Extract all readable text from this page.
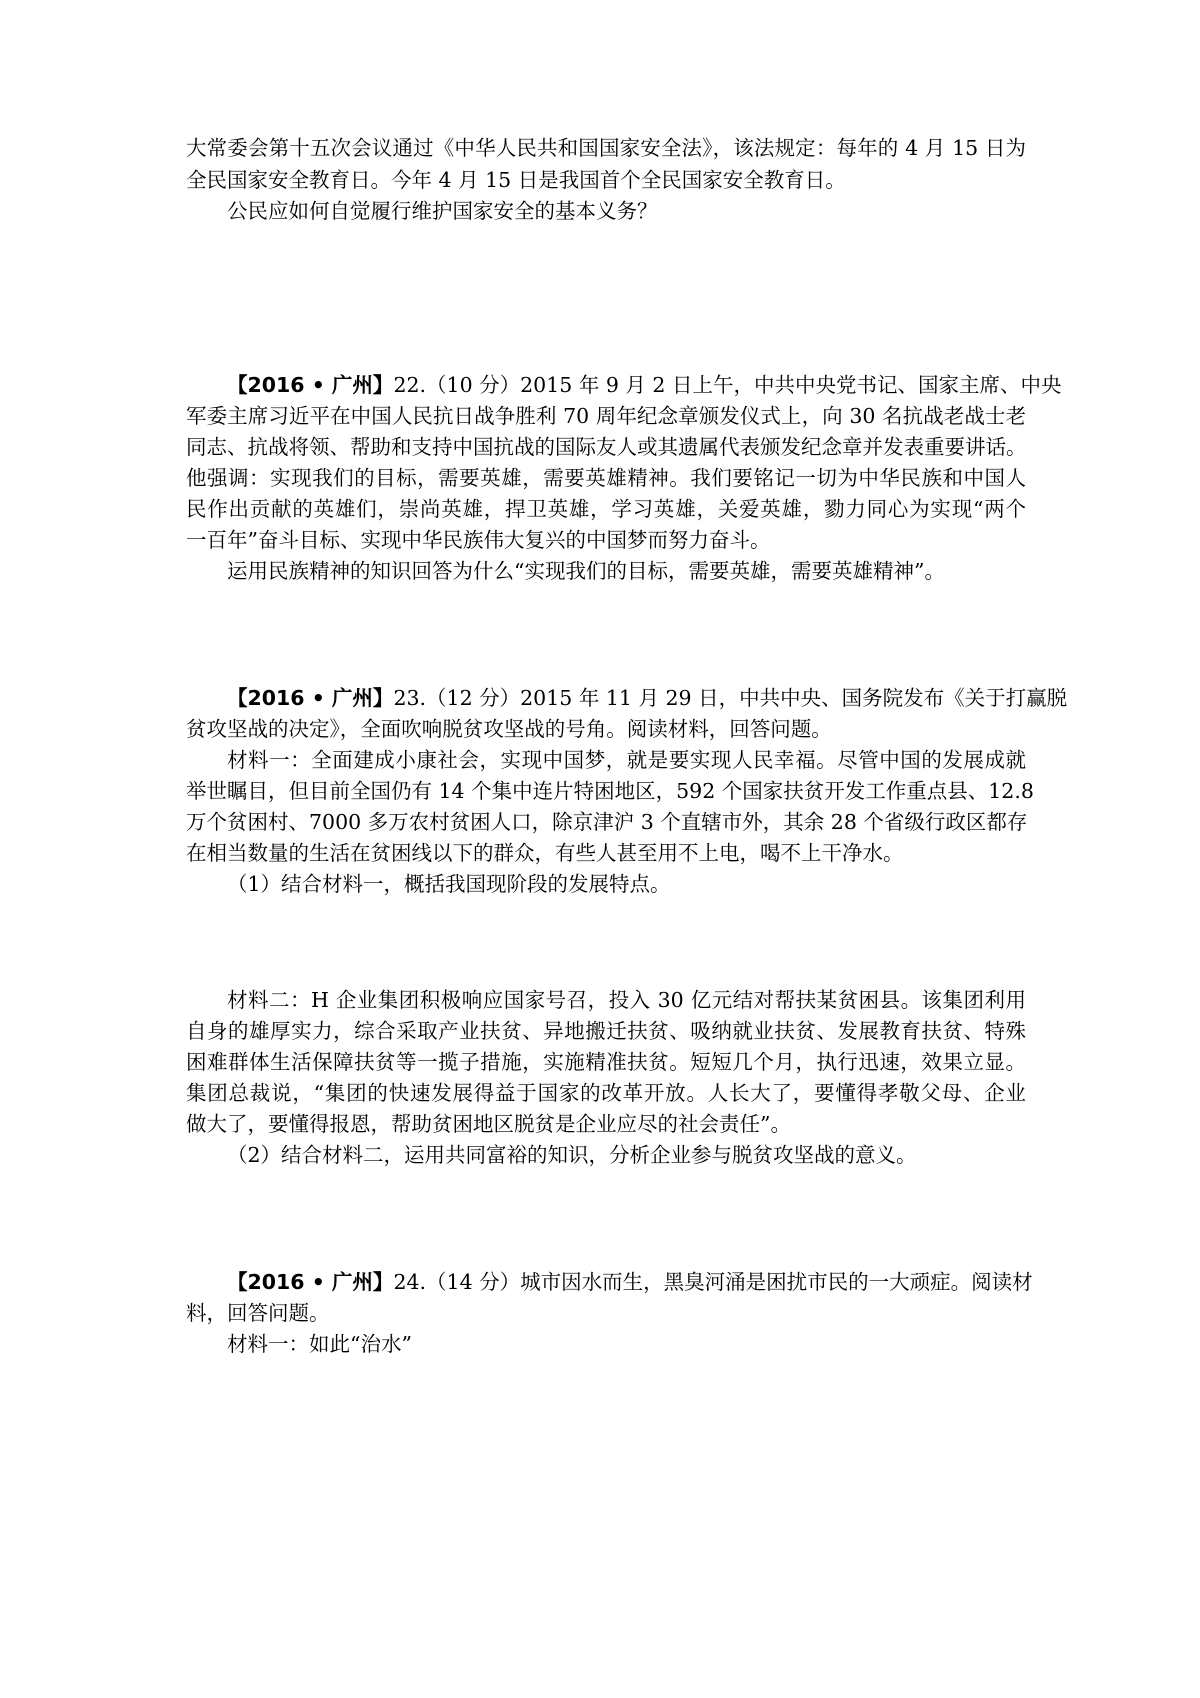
大常委会第十五次会议通过《中华人民共和国国家安全法》，该法规定：每年的 4 月 15 日为
全民国家安全教育日。今年 4 月 15 日是我国首个全民国家安全教育日。
公民应如何自觉履行维护国家安全的基本义务？
【2016 • 广州】22.（10 分）2015 年 9 月 2 日上午，中共中央党书记、国家主席、中央
军委主席习近平在中国人民抗日战争胜利 70 周年纪念章颁发仪式上，向 30 名抗战老战士老
同志、抗战将领、帮助和支持中国抗战的国际友人或其遗属代表颁发纪念章并发表重要讲话。
他强调：实现我们的目标，需要英雄，需要英雄精神。我们要铭记一切为中华民族和中国人
民作出贡献的英雄们，崇尚英雄，捍卫英雄，学习英雄，关爱英雄，勠力同心为实现“两个
一百年”奋斗目标、实现中华民族伟大复兴的中国梦而努力奋斗。
运用民族精神的知识回答为什么“实现我们的目标，需要英雄，需要英雄精神”。
【2016 • 广州】23.（12 分）2015 年 11 月 29 日，中共中央、国务院发布《关于打赢脱
贫攻坚战的决定》，全面吹响脱贫攻坚战的号角。阅读材料，回答问题。
材料一：全面建成小康社会，实现中国梦，就是要实现人民幸福。尽管中国的发展成就
举世瞩目，但目前全国仍有 14 个集中连片特困地区，592 个国家扶贫开发工作重点县、12.8
万个贫困村、7000 多万农村贫困人口，除京津沪 3 个直辖市外，其余 28 个省级行政区都存
在相当数量的生活在贫困线以下的群众，有些人甚至用不上电，喝不上干净水。
（1）结合材料一，概括我国现阶段的发展特点。
材料二：H 企业集团积极响应国家号召，投入 30 亿元结对帮扶某贫困县。该集团利用
自身的雄厚实力，综合采取产业扶贫、异地搬迁扶贫、吸纳就业扶贫、发展教育扶贫、特殊
困难群体生活保障扶贫等一揽子措施，实施精准扶贫。短短几个月，执行迅速，效果立显。
集团总裁说，“集团的快速发展得益于国家的改革开放。人长大了，要懂得孝敬父母、企业
做大了，要懂得报恩，帮助贫困地区脱贫是企业应尽的社会责任”。
（2）结合材料二，运用共同富裕的知识，分析企业参与脱贫攻坚战的意义。
【2016 • 广州】24.（14 分）城市因水而生，黑臭河涌是困扰市民的一大顽症。阅读材
料，回答问题。
材料一：如此“治水”
